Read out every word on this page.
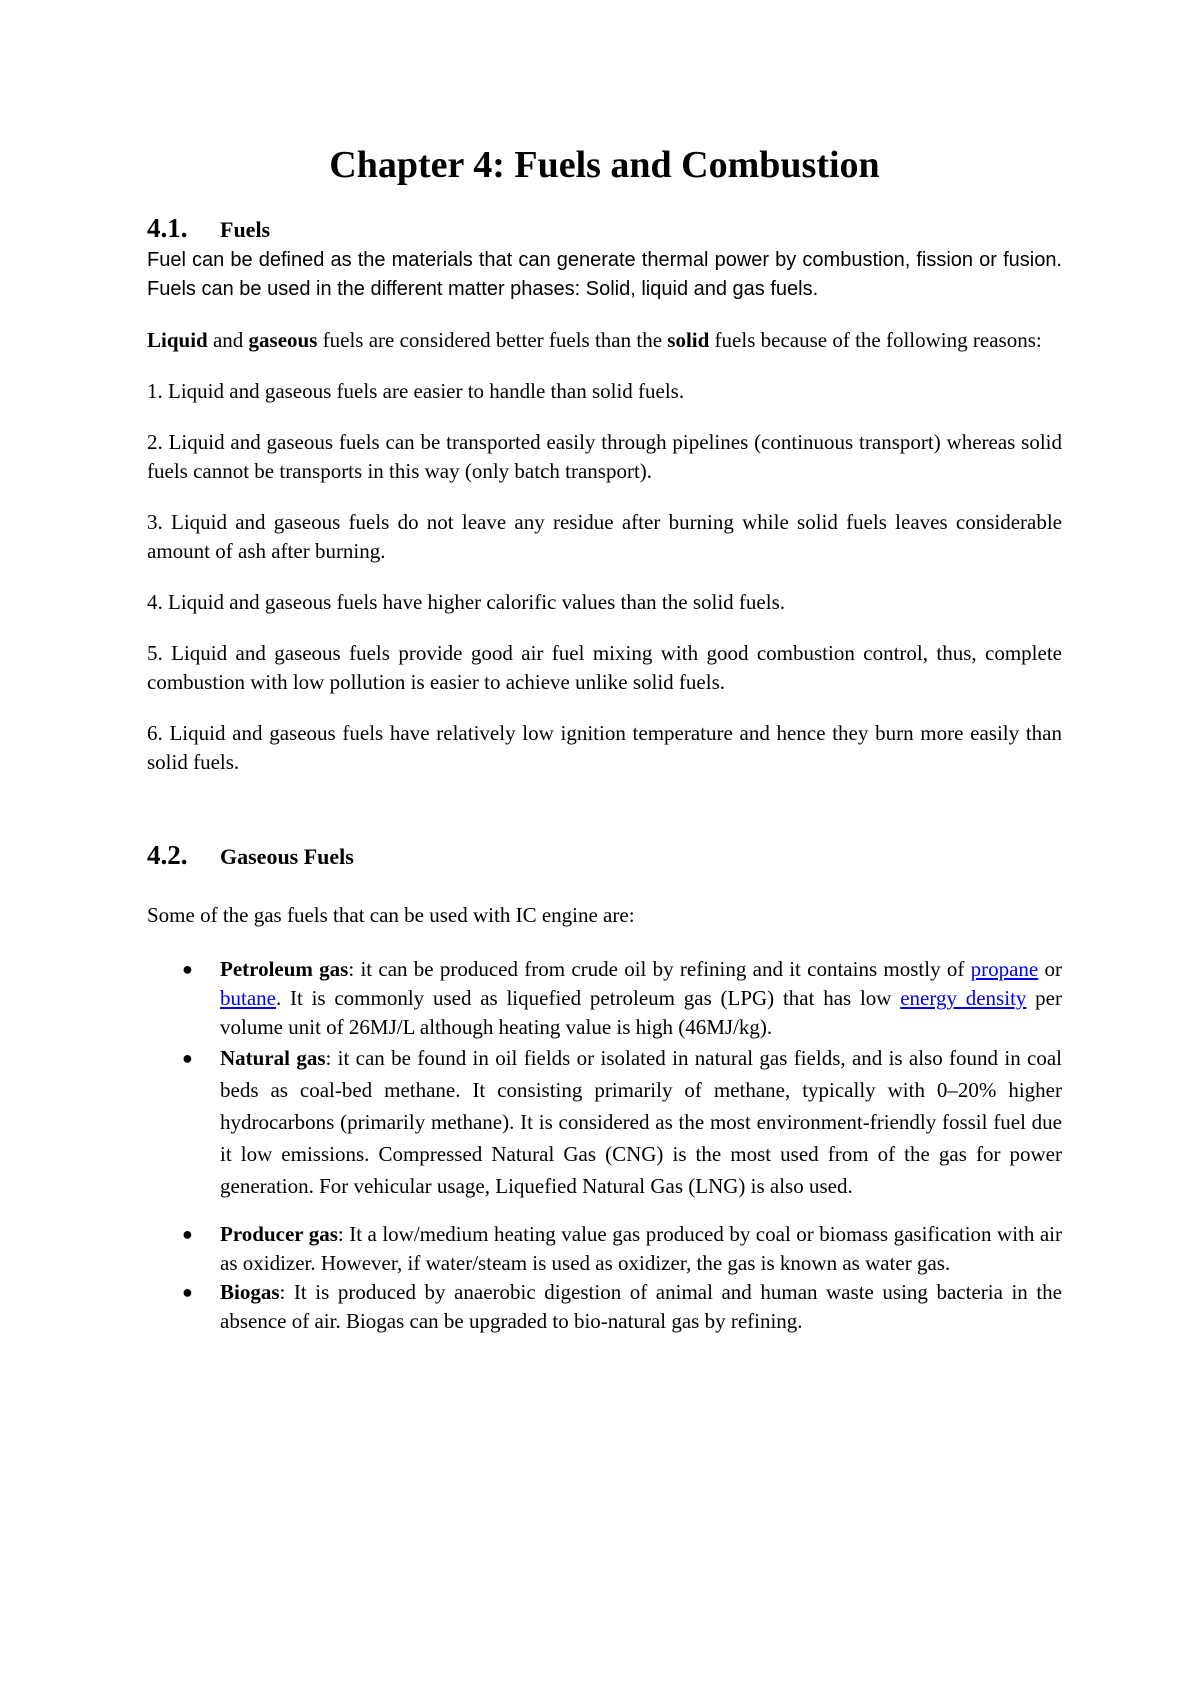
Chapter 4: Fuels and Combustion
4.1.	Fuels

Fuel can be defined as the materials that can generate thermal power by combustion, fission or fusion. Fuels can be used in the different matter phases: Solid, liquid and gas fuels.

Liquid and gaseous fuels are considered better fuels than the solid fuels because of the following reasons:

1. Liquid and gaseous fuels are easier to handle than solid fuels.

2. Liquid and gaseous fuels can be transported easily through pipelines (continuous transport) whereas solid fuels cannot be transports in this way (only batch transport).

3. Liquid and gaseous fuels do not leave any residue after burning while solid fuels leaves considerable amount of ash after burning.

4. Liquid and gaseous fuels have higher calorific values than the solid fuels.

5. Liquid and gaseous fuels provide good air fuel mixing with good combustion control, thus, complete combustion with low pollution is easier to achieve unlike solid fuels.

6. Liquid and gaseous fuels have relatively low ignition temperature and hence they burn more easily than solid fuels.

4.2.	Gaseous Fuels

Some of the gas fuels that can be used with IC engine are:

● Petroleum gas: it can be produced from crude oil by refining and it contains mostly of propane or butane. It is commonly used as liquefied petroleum gas (LPG) that has low energy density per volume unit of 26MJ/L although heating value is high (46MJ/kg).
● Natural gas: it can be found in oil fields or isolated in natural gas fields, and is also found in coal beds as coal-bed methane. It consisting primarily of methane, typically with 0–20% higher hydrocarbons (primarily methane). It is considered as the most environment-friendly fossil fuel due it low emissions. Compressed Natural Gas (CNG) is the most used from of the gas for power generation. For vehicular usage, Liquefied Natural Gas (LNG) is also used.
● Producer gas: It a low/medium heating value gas produced by coal or biomass gasification with air as oxidizer. However, if water/steam is used as oxidizer, the gas is known as water gas.
● Biogas: It is produced by anaerobic digestion of animal and human waste using bacteria in the absence of air. Biogas can be upgraded to bio-natural gas by refining.
